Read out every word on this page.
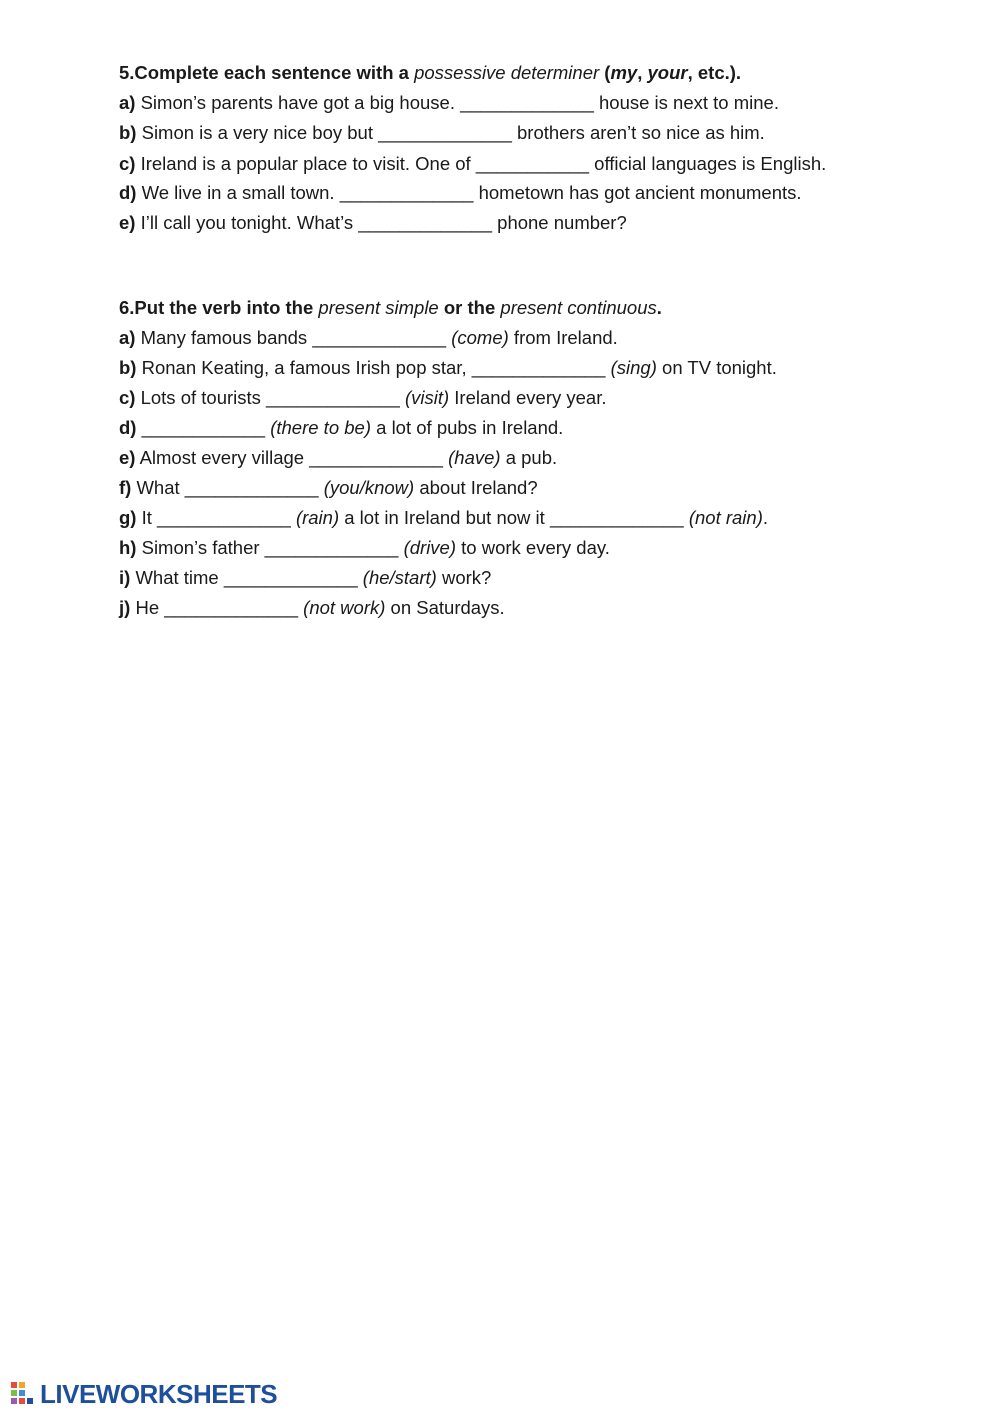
5.Complete each sentence with a possessive determiner (my, your, etc.).
a) Simon’s parents have got a big house. _____________ house is next to mine.
b) Simon is a very nice boy but _____________ brothers aren’t so nice as him.
c) Ireland is a popular place to visit. One of ___________ official languages is English.
d) We live in a small town. _____________ hometown has got ancient monuments.
e) I’ll call you tonight. What’s _____________ phone number?
6.Put the verb into the present simple or the present continuous.
a) Many famous bands _____________ (come) from Ireland.
b) Ronan Keating, a famous Irish pop star, _____________ (sing) on TV tonight.
c) Lots of tourists _____________ (visit) Ireland every year.
d) ____________ (there to be) a lot of pubs in Ireland.
e) Almost every village _____________ (have) a pub.
f) What _____________ (you/know) about Ireland?
g) It _____________ (rain) a lot in Ireland but now it _____________ (not rain).
h) Simon’s father _____________ (drive) to work every day.
i) What time _____________ (he/start) work?
j) He _____________ (not work) on Saturdays.
LIVEWORKSHEETS
